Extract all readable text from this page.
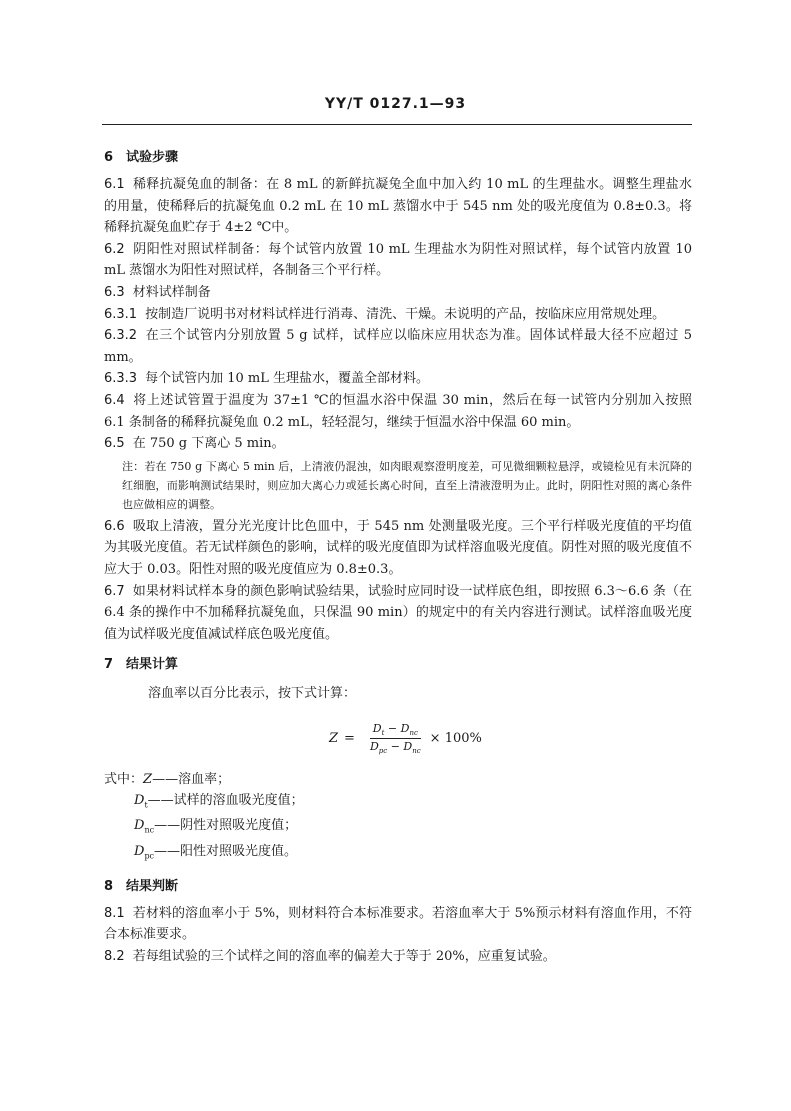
YY/T 0127.1—93
6 试验步骤

6.1 稀释抗凝兔血的制备：在 8 mL 的新鲜抗凝兔全血中加入约 10 mL 的生理盐水。调整生理盐水的用量，使稀释后的抗凝兔血 0.2 mL 在 10 mL 蒸馏水中于 545 nm 处的吸光度值为 0.8±0.3。将稀释抗凝兔血贮存于 4±2 ℃中。

6.2 阴阳性对照试样制备：每个试管内放置 10 mL 生理盐水为阴性对照试样，每个试管内放置 10 mL 蒸馏水为阳性对照试样，各制备三个平行样。

6.3 材料试样制备

6.3.1 按制造厂说明书对材料试样进行消毒、清洗、干燥。未说明的产品，按临床应用常规处理。

6.3.2 在三个试管内分别放置 5 g 试样，试样应以临床应用状态为准。固体试样最大径不应超过 5 mm。

6.3.3 每个试管内加 10 mL 生理盐水，覆盖全部材料。

6.4 将上述试管置于温度为 37±1 ℃的恒温水浴中保温 30 min，然后在每一试管内分别加入按照 6.1 条制备的稀释抗凝兔血 0.2 mL，轻轻混匀，继续于恒温水浴中保温 60 min。

6.5 在 750 g 下离心 5 min。

注：若在 750 g 下离心 5 min 后，上清液仍混浊，如肉眼观察澄明度差，可见微细颗粒悬浮，或镜检见有未沉降的红细胞，而影响测试结果时，则应加大离心力或延长离心时间，直至上清液澄明为止。此时，阴阳性对照的离心条件也应做相应的调整。

6.6 吸取上清液，置分光光度计比色皿中，于 545 nm 处测量吸光度。三个平行样吸光度值的平均值为其吸光度值。若无试样颜色的影响，试样的吸光度值即为试样溶血吸光度值。阴性对照的吸光度值不应大于 0.03。阳性对照的吸光度值应为 0.8±0.3。

6.7 如果材料试样本身的颜色影响试验结果，试验时应同时设一试样底色组，即按照 6.3～6.6 条（在 6.4 条的操作中不加稀释抗凝兔血，只保温 90 min）的规定中的有关内容进行测试。试样溶血吸光度值为试样吸光度值减试样底色吸光度值。

7 结果计算

溶血率以百分比表示，按下式计算：

$Z = \frac{D_t - D_{nc}}{D_{pc} - D_{nc}} \times 100\%$

式中：Z——溶血率；

$D_t——$试样的溶血吸光度值；

$D_{nc}——$阴性对照吸光度值；

$D_{pc}——$阳性对照吸光度值。

8 结果判断

8.1 若材料的溶血率小于 5%，则材料符合本标准要求。若溶血率大于 5%预示材料有溶血作用，不符合本标准要求。

8.2 若每组试验的三个试样之间的溶血率的偏差大于等于 20%，应重复试验。
